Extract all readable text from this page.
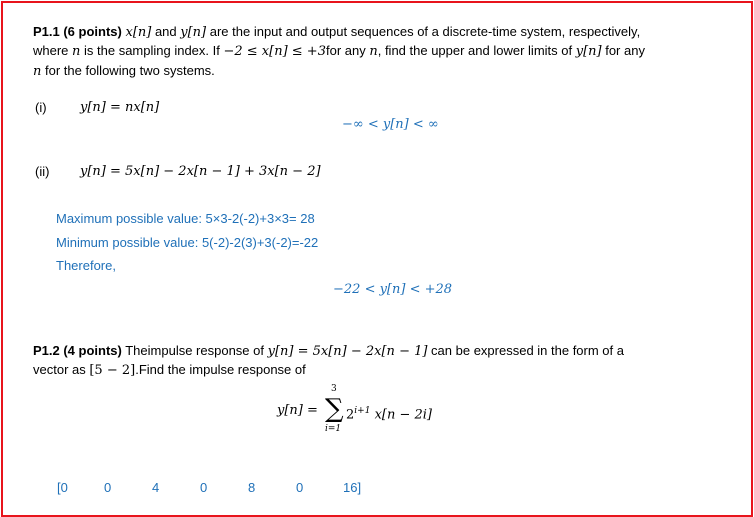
P1.1 (6 points) x[n] and y[n] are the input and output sequences of a discrete-time system, respectively,
where n is the sampling index. If −2 ≤ x[n] ≤ +3for any n, find the upper and lower limits of y[n] for any
n for the following two systems.
(i)	y[n] = nx[n]
−∞ < y[n] < ∞
(ii) y[n] = 5x[n] − 2x[n − 1] + 3x[n − 2]
Maximum possible value: 5×3-2(-2)+3×3= 28
Minimum possible value: 5(-2)-2(3)+3(-2)=-22
Therefore,
−22 < y[n] < +28
P1.2 (4 points) Theimpulse response of y[n] = 5x[n] − 2x[n − 1] can be expressed in the form of a
vector as [5 − 2].Find the impulse response of
y[n] =
3
∑
i=1
$2^{i+1}$ x[n − 2i]
[0	0	4	0	8	0	16]
